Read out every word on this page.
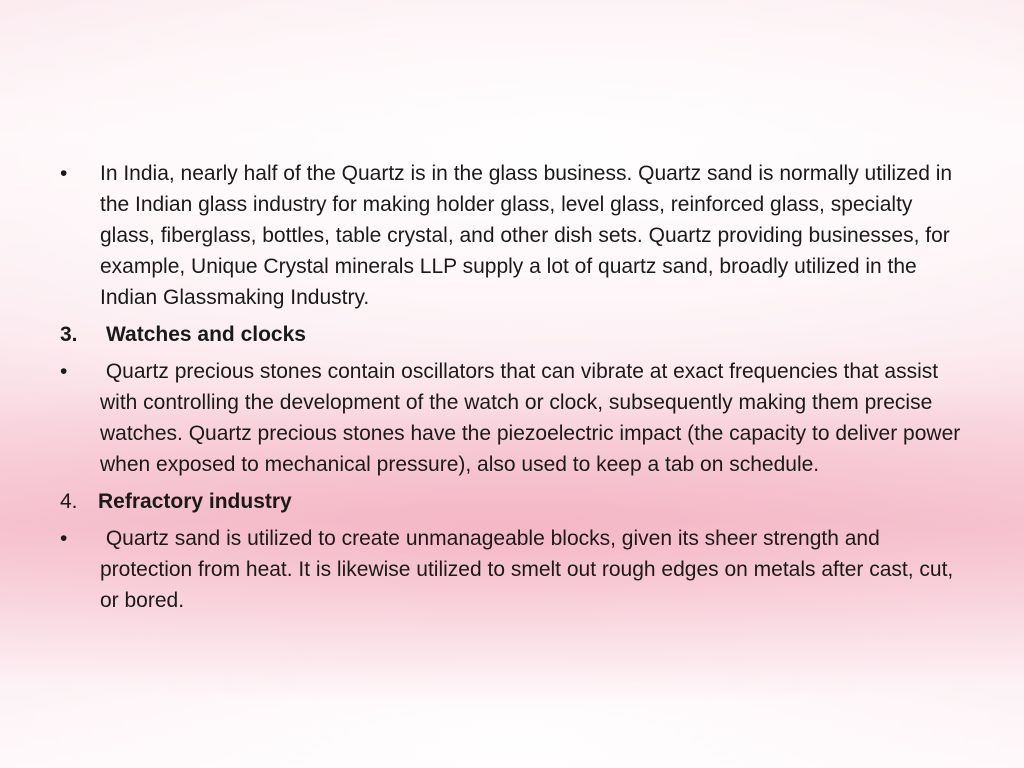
•	In India, nearly half of the Quartz is in the glass business. Quartz sand is normally utilized in the Indian glass industry for making holder glass, level glass, reinforced glass, specialty glass, fiberglass, bottles, table crystal, and other dish sets. Quartz providing businesses, for example, Unique Crystal minerals LLP supply a lot of quartz sand, broadly utilized in the Indian Glassmaking Industry.
3. Watches and clocks
•	Quartz precious stones contain oscillators that can vibrate at exact frequencies that assist with controlling the development of the watch or clock, subsequently making them precise watches. Quartz precious stones have the piezoelectric impact (the capacity to deliver power when exposed to mechanical pressure), also used to keep a tab on schedule.
4. Refractory industry
•	Quartz sand is utilized to create unmanageable blocks, given its sheer strength and protection from heat. It is likewise utilized to smelt out rough edges on metals after cast, cut, or bored.
